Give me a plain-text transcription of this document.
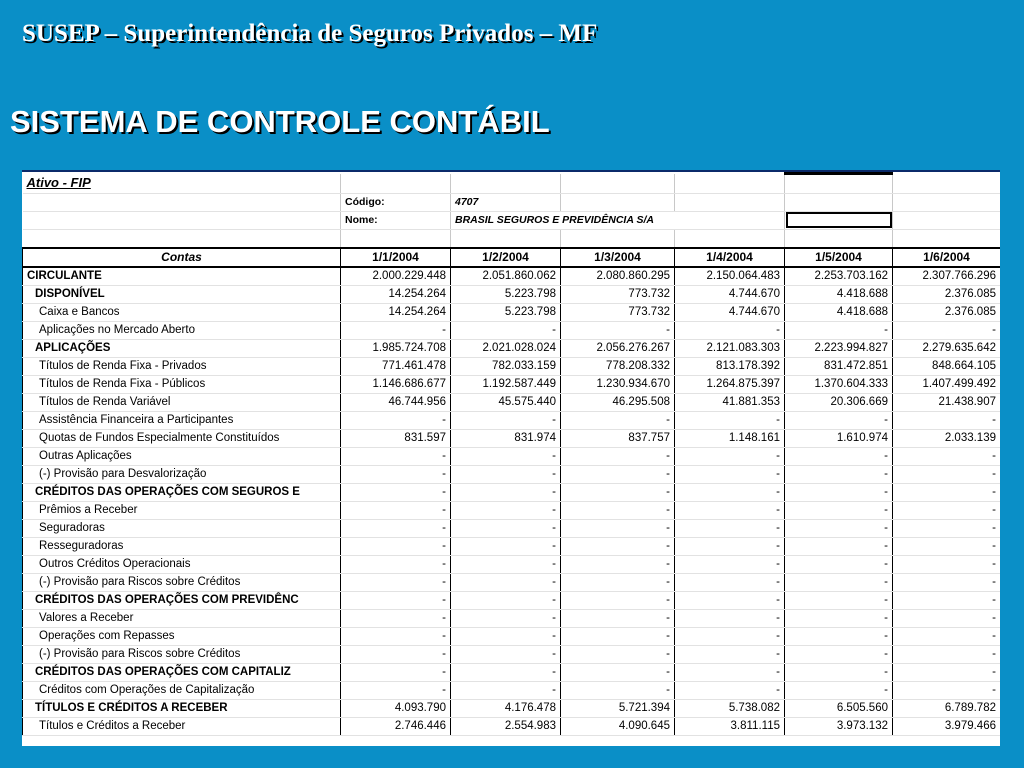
SUSEP – Superintendência de Seguros Privados – MF
SISTEMA DE CONTROLE CONTÁBIL
Ativo - FIP						
	Código:	4707				
	Nome:	BRASIL SEGUROS E PREVIDÊNCIA S/A				

Contas	1/1/2004	1/2/2004	1/3/2004	1/4/2004	1/5/2004	1/6/2004
CIRCULANTE	2.000.229.448	2.051.860.062	2.080.860.295	2.150.064.483	2.253.703.162	2.307.766.296
DISPONÍVEL	14.254.264	5.223.798	773.732	4.744.670	4.418.688	2.376.085
Caixa e Bancos	14.254.264	5.223.798	773.732	4.744.670	4.418.688	2.376.085
Aplicações no Mercado Aberto	-	-	-	-	-	-
APLICAÇÕES	1.985.724.708	2.021.028.024	2.056.276.267	2.121.083.303	2.223.994.827	2.279.635.642
Títulos de Renda Fixa - Privados	771.461.478	782.033.159	778.208.332	813.178.392	831.472.851	848.664.105
Títulos de Renda Fixa - Públicos	1.146.686.677	1.192.587.449	1.230.934.670	1.264.875.397	1.370.604.333	1.407.499.492
Títulos de Renda Variável	46.744.956	45.575.440	46.295.508	41.881.353	20.306.669	21.438.907
Assistência Financeira a Participantes	-	-	-	-	-	-
Quotas de Fundos Especialmente Constituídos	831.597	831.974	837.757	1.148.161	1.610.974	2.033.139
Outras Aplicações	-	-	-	-	-	-
(-) Provisão para Desvalorização	-	-	-	-	-	-
CRÉDITOS DAS OPERAÇÕES COM SEGUROS E	-	-	-	-	-	-
Prêmios a Receber	-	-	-	-	-	-
Seguradoras	-	-	-	-	-	-
Resseguradoras	-	-	-	-	-	-
Outros Créditos Operacionais	-	-	-	-	-	-
(-) Provisão para Riscos sobre Créditos	-	-	-	-	-	-
CRÉDITOS DAS OPERAÇÕES COM PREVIDÊNC	-	-	-	-	-	-
Valores a Receber	-	-	-	-	-	-
Operações com Repasses	-	-	-	-	-	-
(-) Provisão para Riscos sobre Créditos	-	-	-	-	-	-
CRÉDITOS DAS OPERAÇÕES COM CAPITALIZ	-	-	-	-	-	-
Créditos com Operações de Capitalização	-	-	-	-	-	-
TÍTULOS E CRÉDITOS A RECEBER	4.093.790	4.176.478	5.721.394	5.738.082	6.505.560	6.789.782
Títulos e Créditos a Receber	2.746.446	2.554.983	4.090.645	3.811.115	3.973.132	3.979.466
